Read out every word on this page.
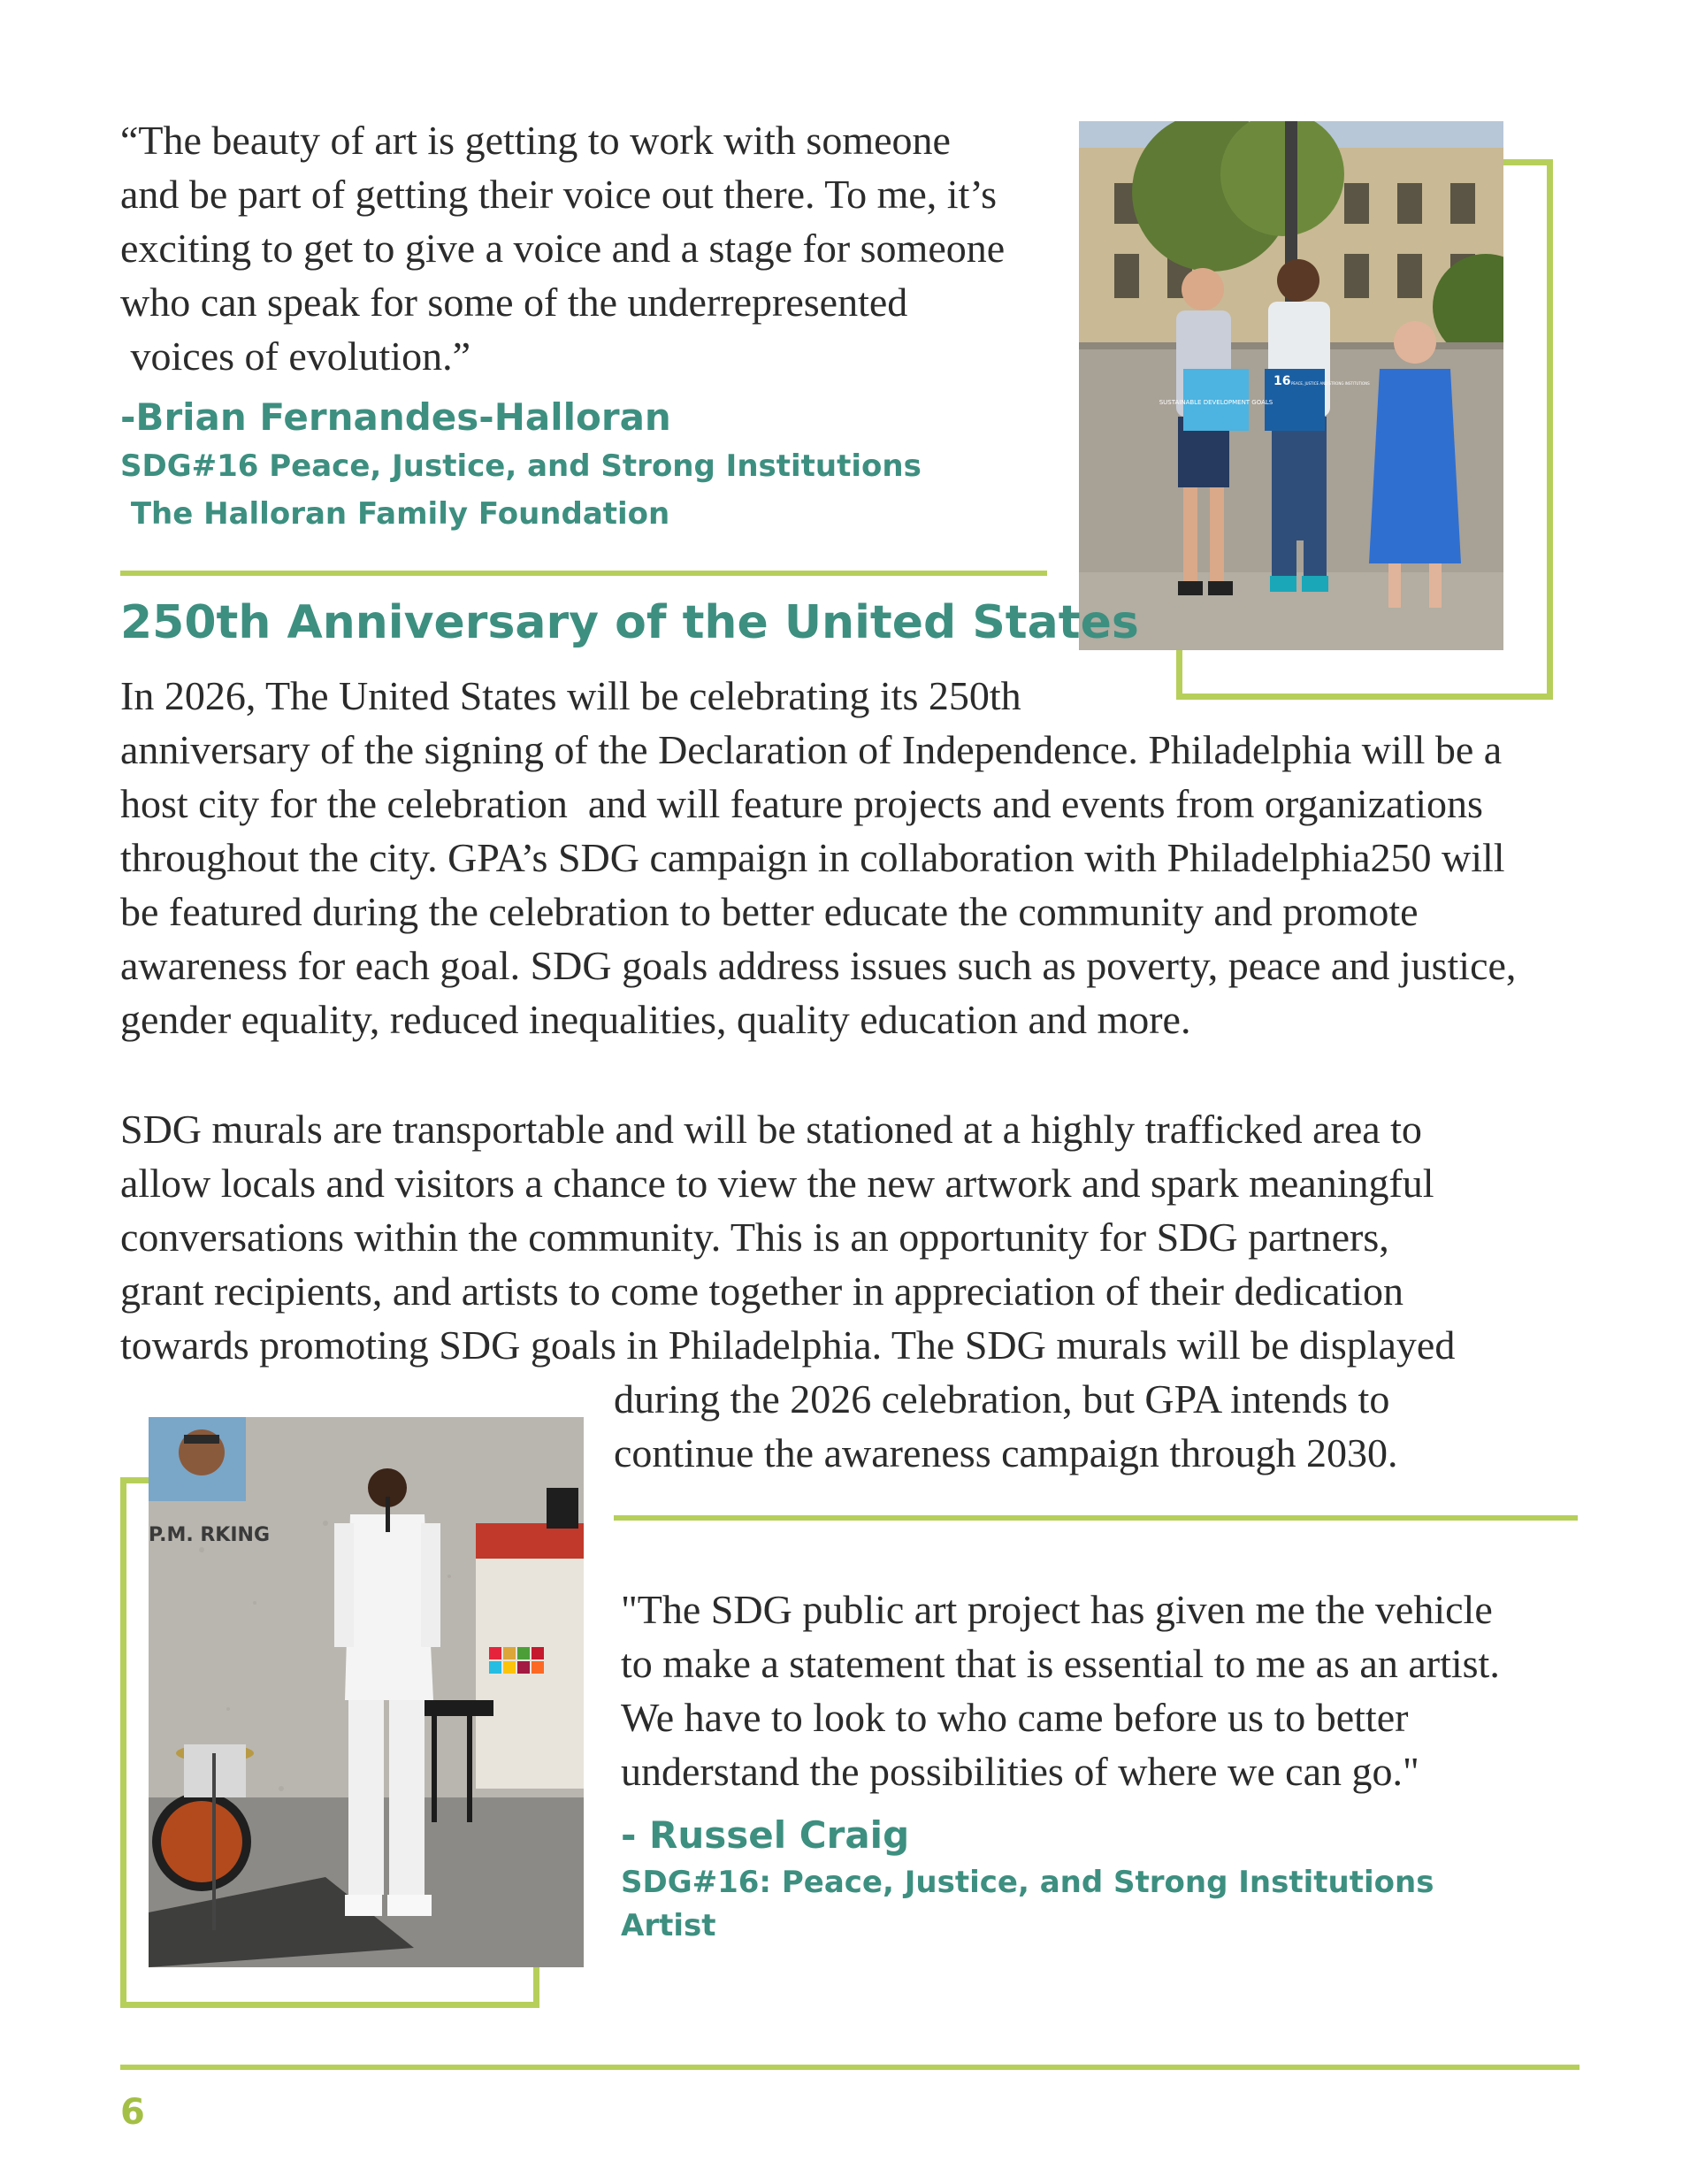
“The beauty of art is getting to work with someone
and be part of getting their voice out there. To me, it’s
exciting to get to give a voice and a stage for someone
who can speak for some of the underrepresented
voices of evolution.”
-Brian Fernandes-Halloran
SDG#16 Peace, Justice, and Strong Institutions
The Halloran Family Foundation
SUSTAINABLE DEVELOPMENT GOALS
16 PEACE, JUSTICE AND STRONG INSTITUTIONS
250th Anniversary of the United States
In 2026, The United States will be celebrating its 250th
anniversary of the signing of the Declaration of Independence. Philadelphia will be a
host city for the celebration  and will feature projects and events from organizations
throughout the city. GPA’s SDG campaign in collaboration with Philadelphia250 will
be featured during the celebration to better educate the community and promote
awareness for each goal. SDG goals address issues such as poverty, peace and justice,
gender equality, reduced inequalities, quality education and more.
SDG murals are transportable and will be stationed at a highly trafficked area to
allow locals and visitors a chance to view the new artwork and spark meaningful
conversations within the community. This is an opportunity for SDG partners,
grant recipients, and artists to come together in appreciation of their dedication
towards promoting SDG goals in Philadelphia. The SDG murals will be displayed
during the 2026 celebration, but GPA intends to
continue the awareness campaign through 2030.
P.M. RKING
"The SDG public art project has given me the vehicle
to make a statement that is essential to me as an artist.
We have to look to who came before us to better
understand the possibilities of where we can go."
- Russel Craig
SDG#16: Peace, Justice, and Strong Institutions
Artist
6
